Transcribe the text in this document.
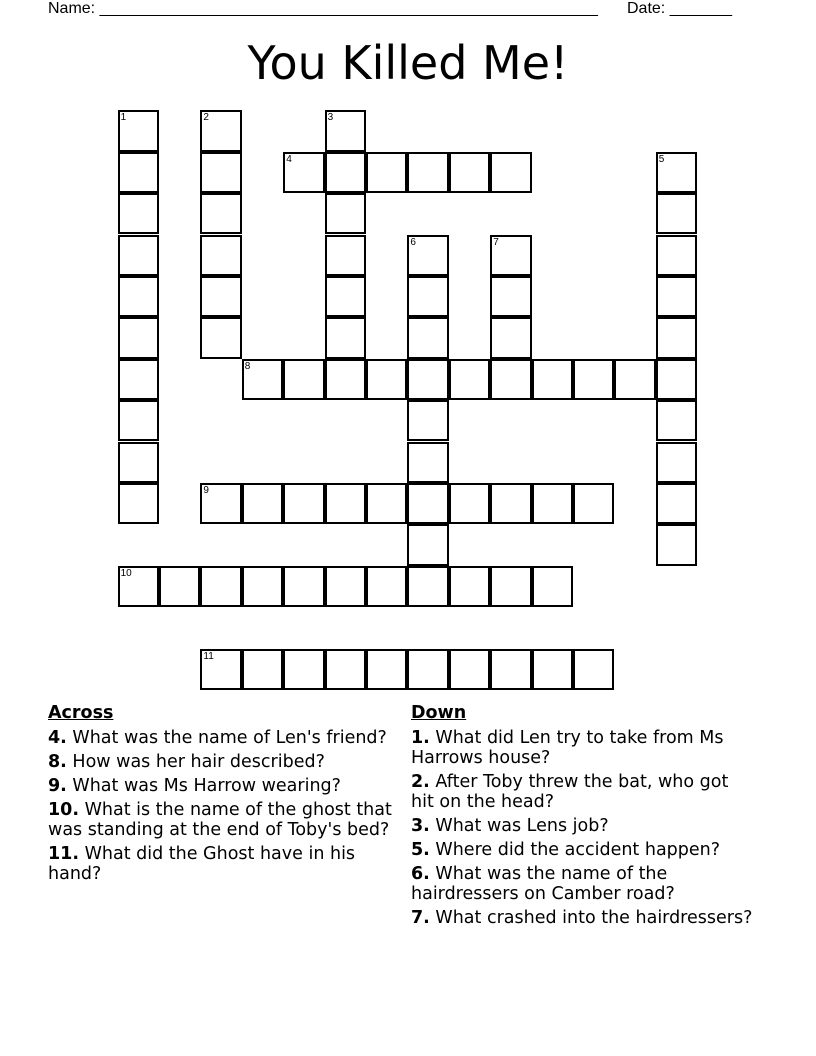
Name: ________________________________________________________ Date: _______
You Killed Me!
1	2	3
4	5
6	7
8
9
10
11
Across
4. What was the name of Len's friend?
8. How was her hair described?
9. What was Ms Harrow wearing?
10. What is the name of the ghost that was standing at the end of Toby's bed?
11. What did the Ghost have in his hand?
Down
1. What did Len try to take from Ms Harrows house?
2. After Toby threw the bat, who got hit on the head?
3. What was Lens job?
5. Where did the accident happen?
6. What was the name of the hairdressers on Camber road?
7. What crashed into the hairdressers?
